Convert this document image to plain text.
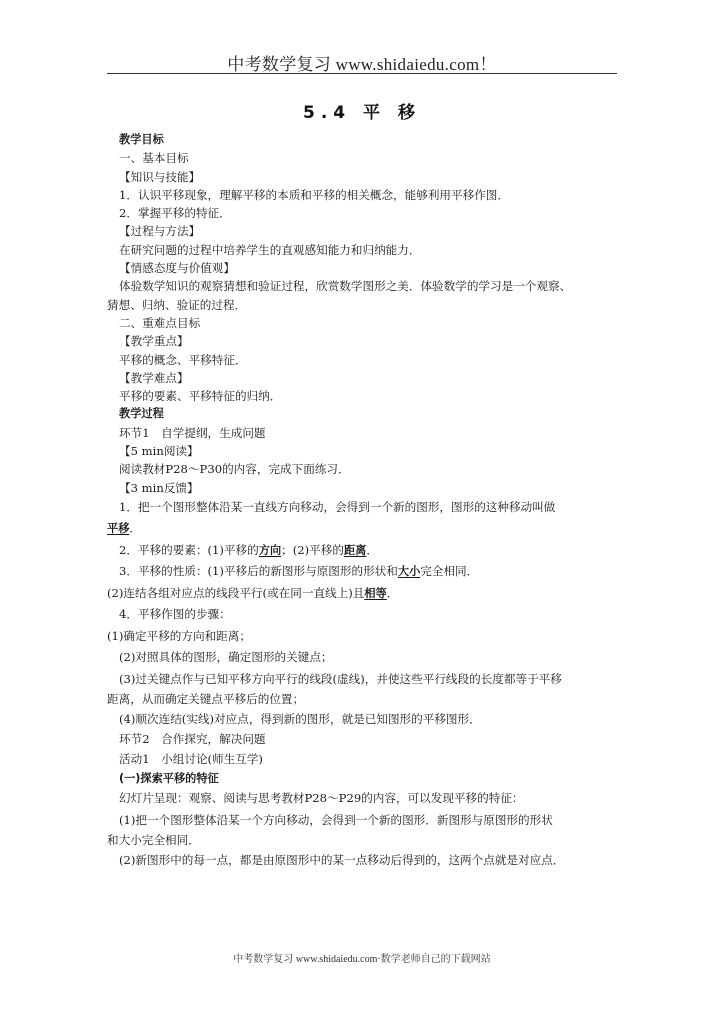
中考数学复习 www.shidaiedu.com！
5.4 平 移
教学目标
一、基本目标
【知识与技能】
1．认识平移现象，理解平移的本质和平移的相关概念，能够利用平移作图．
2．掌握平移的特征．
【过程与方法】
在研究问题的过程中培养学生的直观感知能力和归纳能力．
【情感态度与价值观】
体验数学知识的观察猜想和验证过程，欣赏数学图形之美．体验数学的学习是一个观察、
猜想、归纳、验证的过程．
二、重难点目标
【教学重点】
平移的概念、平移特征．
【教学难点】
平移的要素、平移特征的归纳．
教学过程
环节1　自学提纲，生成问题
【5 min阅读】
阅读教材P28～P30的内容，完成下面练习．
【3 min反馈】
1．把一个图形整体沿某一直线方向移动，会得到一个新的图形，图形的这种移动叫做
平移．
2．平移的要素：(1)平移的方向；(2)平移的距离．
3．平移的性质：(1)平移后的新图形与原图形的形状和大小完全相同．
(2)连结各组对应点的线段平行(或在同一直线上)且相等．
4．平移作图的步骤：
(1)确定平移的方向和距离；
(2)对照具体的图形，确定图形的关键点；
(3)过关键点作与已知平移方向平行的线段(虚线)，并使这些平行线段的长度都等于平移
距离，从而确定关键点平移后的位置；
(4)顺次连结(实线)对应点，得到新的图形，就是已知图形的平移图形．
环节2　合作探究，解决问题
活动1　小组讨论(师生互学)
(一)探索平移的特征
幻灯片呈现：观察、阅读与思考教材P28～P29的内容，可以发现平移的特征：
(1)把一个图形整体沿某一个方向移动，会得到一个新的图形．新图形与原图形的形状
和大小完全相同．
(2)新图形中的每一点，都是由原图形中的某一点移动后得到的，这两个点就是对应点．
中考数学复习 www.shidaiedu.com·数学老师自己的下载网站
